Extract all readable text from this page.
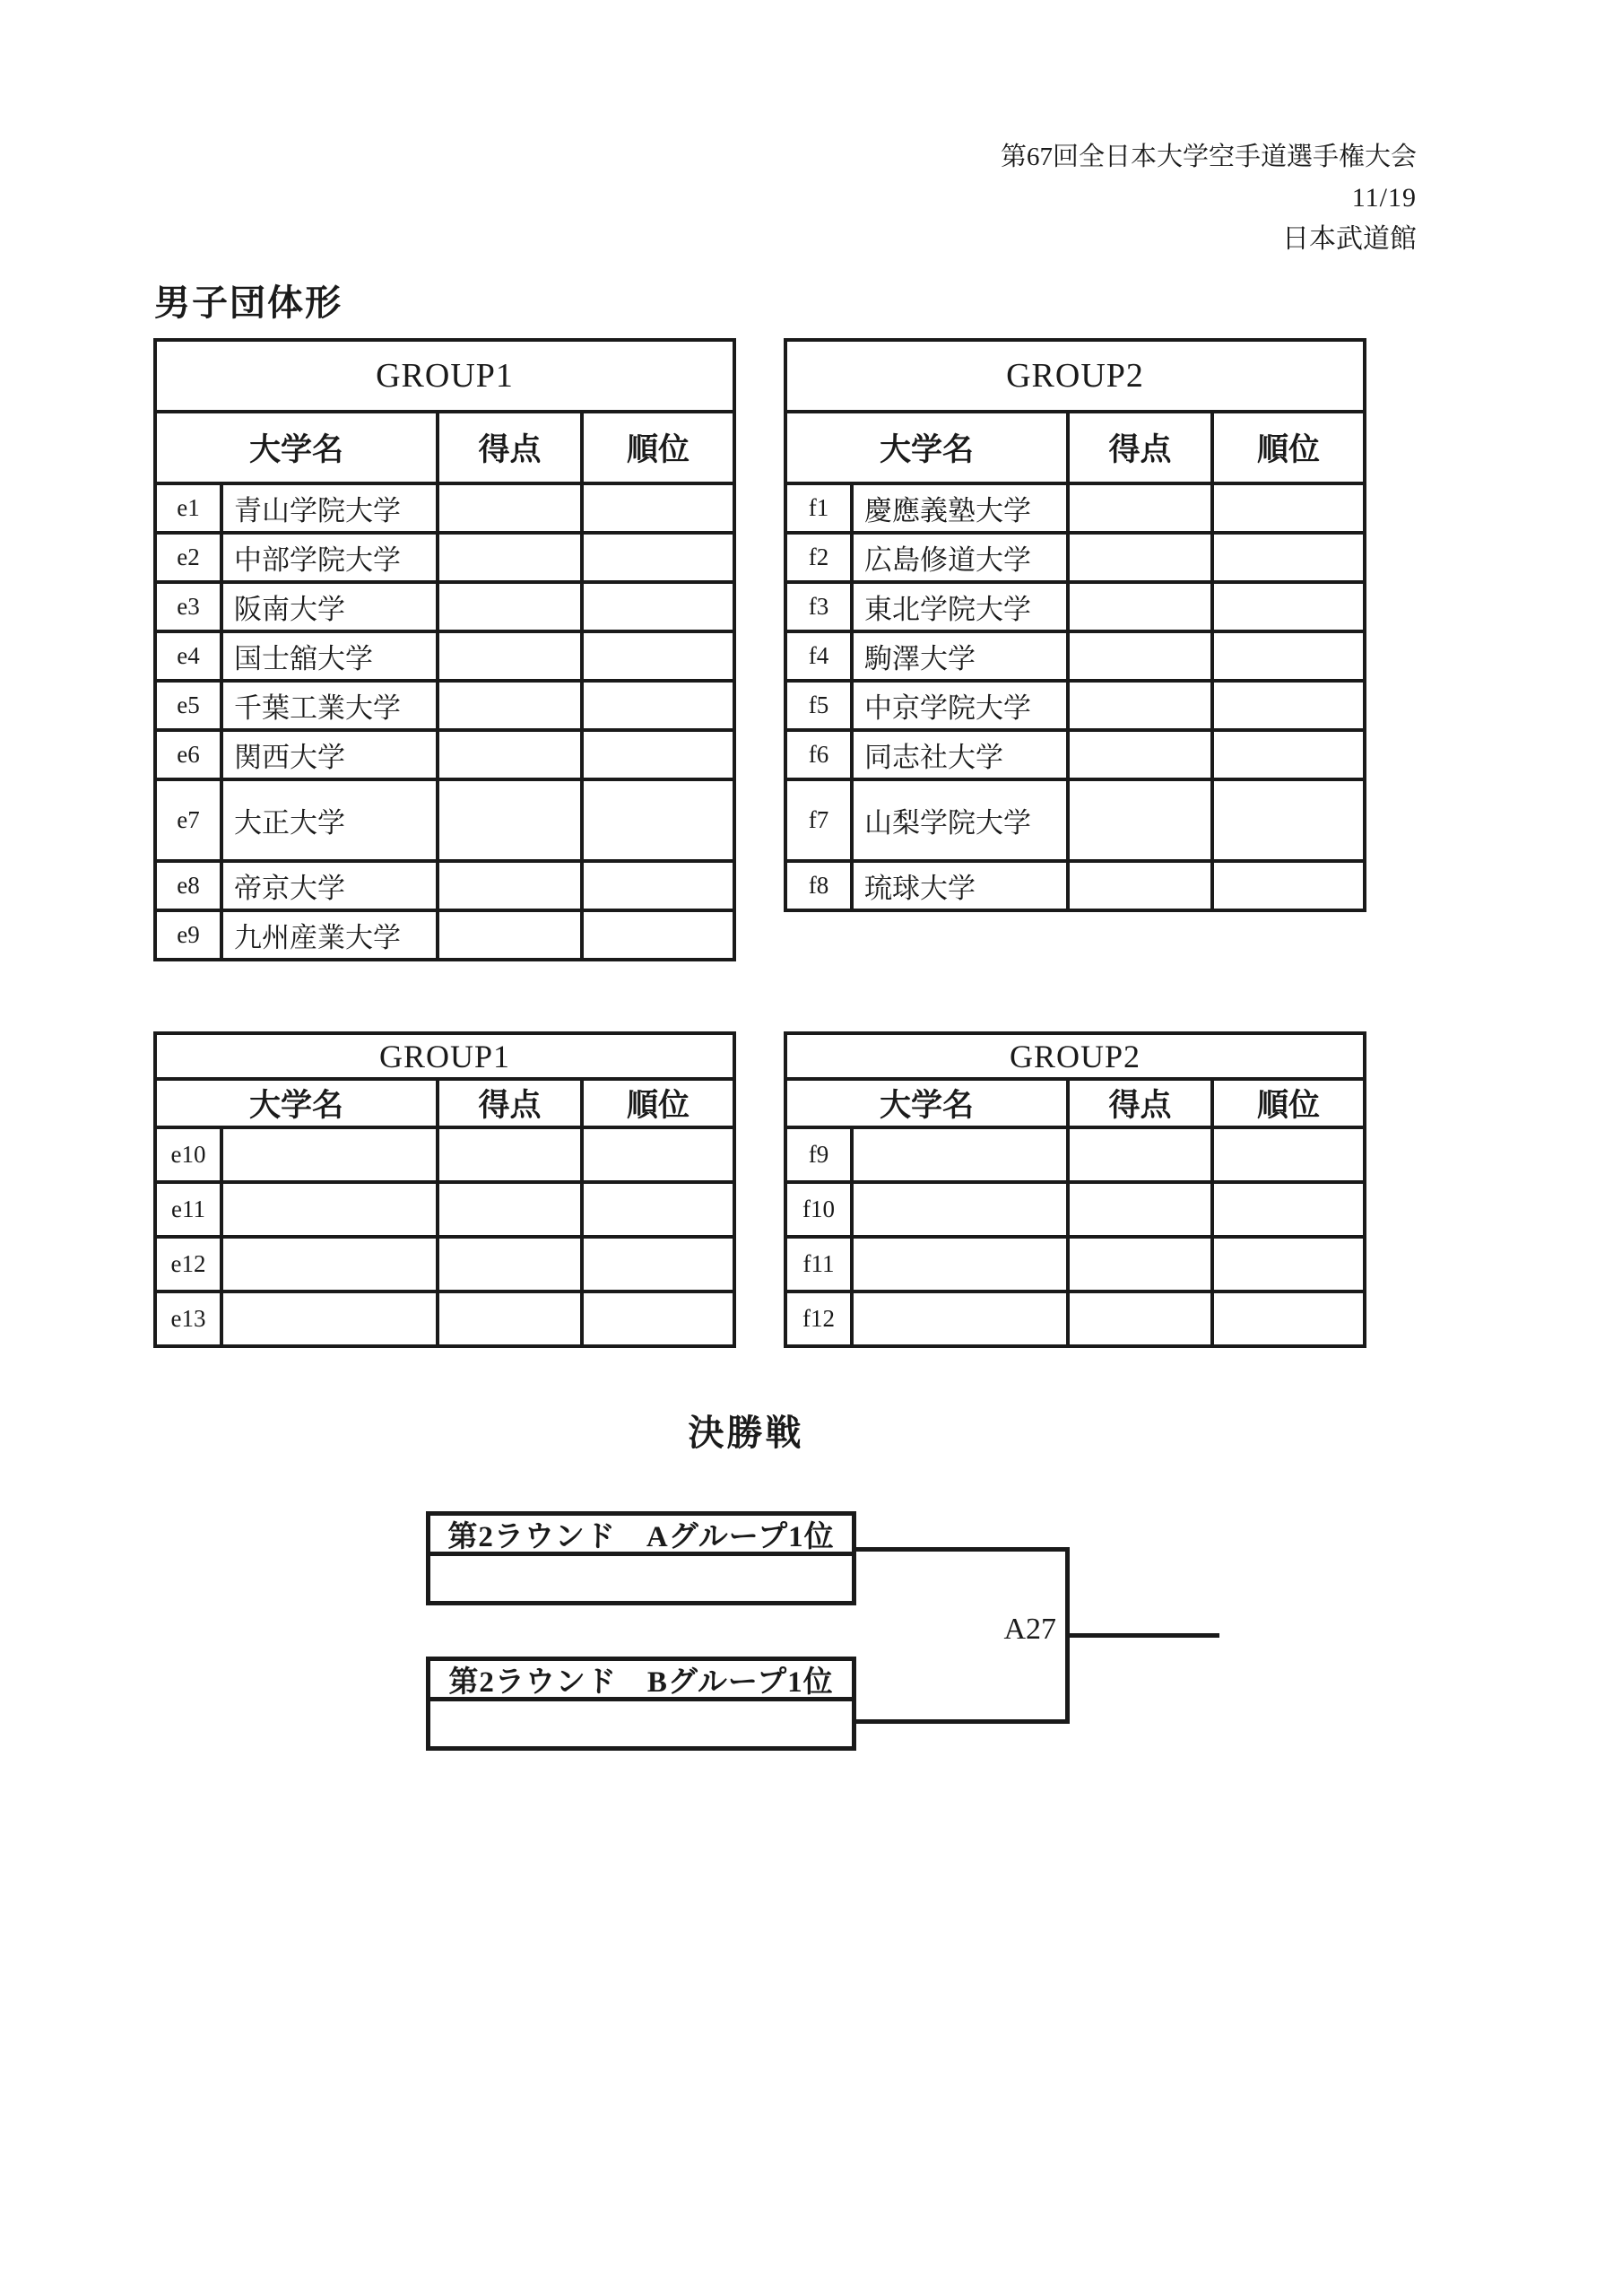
第67回全日本大学空手道選手権大会
11/19
日本武道館
男子団体形
GROUP1			
大学名		得点	順位
e1	青山学院大学		
e2	中部学院大学		
e3	阪南大学		
e4	国士舘大学		
e5	千葉工業大学		
e6	関西大学		
e7	大正大学		
e8	帝京大学		
e9	九州産業大学		
GROUP2			
大学名		得点	順位
f1	慶應義塾大学		
f2	広島修道大学		
f3	東北学院大学		
f4	駒澤大学		
f5	中京学院大学		
f6	同志社大学		
f7	山梨学院大学		
f8	琉球大学		
GROUP1			
大学名		得点	順位
e10			
e11			
e12			
e13			
GROUP2			
大学名		得点	順位
f9			
f10			
f11			
f12			
決勝戦
第2ラウンド　Aグループ1位
第2ラウンド　Bグループ1位
A27
